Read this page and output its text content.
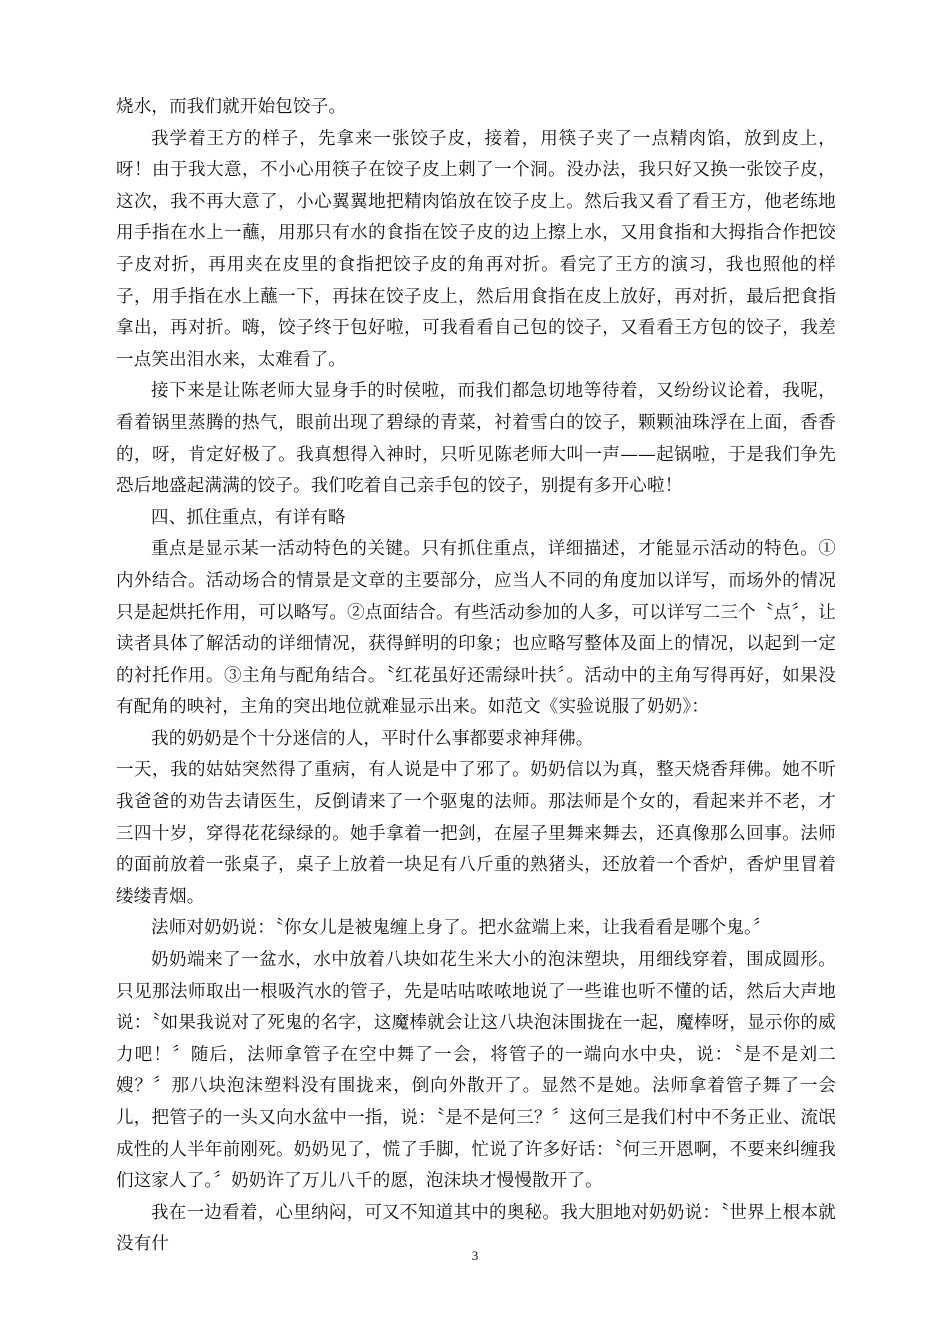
烧水，而我们就开始包饺子。

我学着王方的样子，先拿来一张饺子皮，接着，用筷子夹了一点精肉馅，放到皮上，呀！由于我大意，不小心用筷子在饺子皮上刺了一个洞。没办法，我只好又换一张饺子皮，这次，我不再大意了，小心翼翼地把精肉馅放在饺子皮上。然后我又看了看王方，他老练地用手指在水上一蘸，用那只有水的食指在饺子皮的边上擦上水，又用食指和大拇指合作把饺子皮对折，再用夹在皮里的食指把饺子皮的角再对折。看完了王方的演习，我也照他的样子，用手指在水上蘸一下，再抹在饺子皮上，然后用食指在皮上放好，再对折，最后把食指拿出，再对折。嗨，饺子终于包好啦，可我看看自己包的饺子，又看看王方包的饺子，我差一点笑出泪水来，太难看了。

接下来是让陈老师大显身手的时侯啦，而我们都急切地等待着，又纷纷议论着，我呢，看着锅里蒸腾的热气，眼前出现了碧绿的青菜，衬着雪白的饺子，颗颗油珠浮在上面，香香的，呀，肯定好极了。我真想得入神时，只听见陈老师大叫一声——起锅啦，于是我们争先恐后地盛起满满的饺子。我们吃着自己亲手包的饺子，别提有多开心啦！

四、抓住重点，有详有略

重点是显示某一活动特色的关键。只有抓住重点，详细描述，才能显示活动的特色。①内外结合。活动场合的情景是文章的主要部分，应当人不同的角度加以详写，而场外的情况只是起烘托作用，可以略写。②点面结合。有些活动参加的人多，可以详写二三个〝点〞，让读者具体了解活动的详细情况，获得鲜明的印象；也应略写整体及面上的情况，以起到一定的衬托作用。③主角与配角结合。〝红花虽好还需绿叶扶〞。活动中的主角写得再好，如果没有配角的映衬，主角的突出地位就难显示出来。如范文《实验说服了奶奶》：

我的奶奶是个十分迷信的人，平时什么事都要求神拜佛。

一天，我的姑姑突然得了重病，有人说是中了邪了。奶奶信以为真，整天烧香拜佛。她不听我爸爸的劝告去请医生，反倒请来了一个驱鬼的法师。那法师是个女的，看起来并不老，才三四十岁，穿得花花绿绿的。她手拿着一把剑，在屋子里舞来舞去，还真像那么回事。法师的面前放着一张桌子，桌子上放着一块足有八斤重的熟猪头，还放着一个香炉，香炉里冒着缕缕青烟。

法师对奶奶说：〝你女儿是被鬼缠上身了。把水盆端上来，让我看看是哪个鬼。〞

奶奶端来了一盆水，水中放着八块如花生米大小的泡沫塑块，用细线穿着，围成圆形。只见那法师取出一根吸汽水的管子，先是咕咕哝哝地说了一些谁也听不懂的话，然后大声地说：〝如果我说对了死鬼的名字，这魔棒就会让这八块泡沫围拢在一起，魔棒呀，显示你的威力吧！〞随后，法师拿管子在空中舞了一会，将管子的一端向水中央，说：〝是不是刘二嫂？〞那八块泡沫塑料没有围拢来，倒向外散开了。显然不是她。法师拿着管子舞了一会儿，把管子的一头又向水盆中一指，说：〝是不是何三？〞这何三是我们村中不务正业、流氓成性的人半年前刚死。奶奶见了，慌了手脚，忙说了许多好话：〝何三开恩啊，不要来纠缠我们这家人了。〞奶奶许了万儿八千的愿，泡沫块才慢慢散开了。

我在一边看着，心里纳闷，可又不知道其中的奥秘。我大胆地对奶奶说：〝世界上根本就没有什

3
